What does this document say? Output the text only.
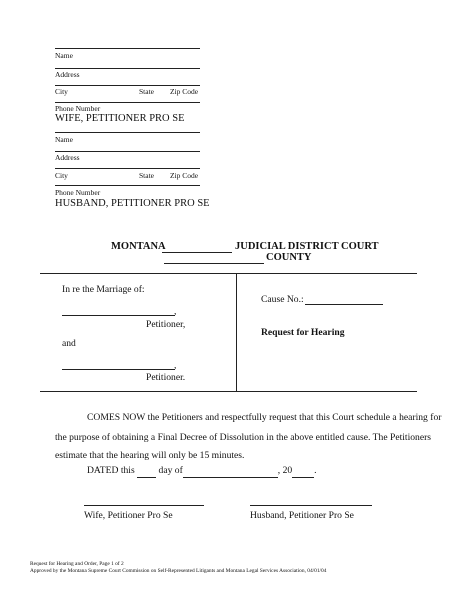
Name
Address
City	State Zip Code
Phone Number
WIFE, PETITIONER PRO SE
Name
Address
City	State Zip Code
Phone Number
HUSBAND, PETITIONER PRO SE
MONTANA	JUDICIAL DISTRICT COURT
COUNTY
In re the Marriage of:
,
Petitioner,
and
,
Petitioner.
Cause No.:
Request for Hearing
COMES NOW the Petitioners and respectfully request that this Court schedule a hearing for
the purpose of obtaining a Final Decree of Dissolution in the above entitled cause. The Petitioners
estimate that the hearing will only be 15 minutes.
DATED this day of	, 20 .
Wife, Petitioner Pro Se	Husband, Petitioner Pro Se
Request for Hearing and Order, Page 1 of 2
Approved by the Montana Supreme Court Commission on Self-Represented Litigants and Montana Legal Services Association, 04/01/04
